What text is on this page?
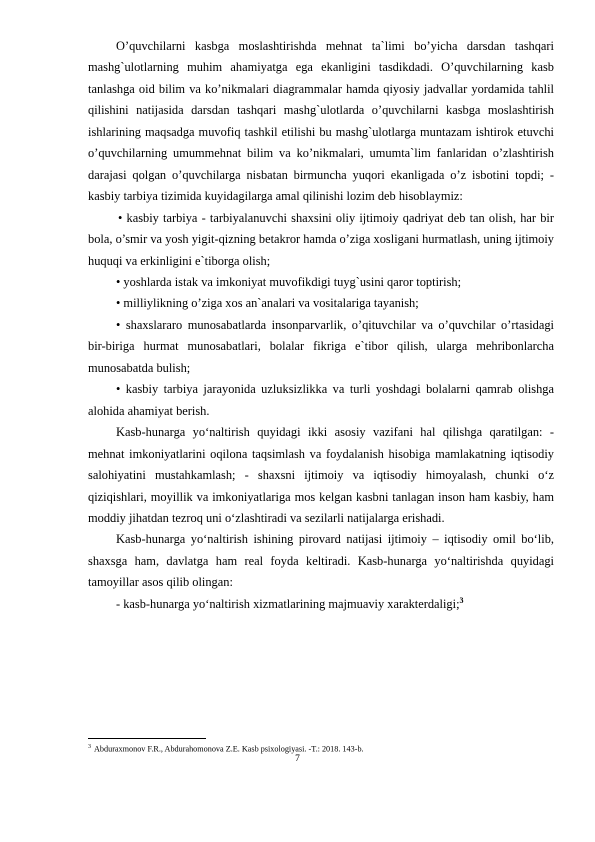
O’quvchilarni kasbga moslashtirishda mehnat ta`limi bo’yicha darsdan tashqari mashg`ulotlarning muhim ahamiyatga ega ekanligini tasdikdadi. O’quvchilarning kasb tanlashga oid bilim va ko’nikmalari diagrammalar hamda qiyosiy jadvallar yordamida tahlil qilishini natijasida darsdan tashqari mashg`ulotlarda o’quvchilarni kasbga moslashtirish ishlarining maqsadga muvofiq tashkil etilishi bu mashg`ulotlarga muntazam ishtirok etuvchi o’quvchilarning umummehnat bilim va ko’nikmalari, umumta`lim fanlaridan o’zlashtirish darajasi qolgan o’quvchilarga nisbatan birmuncha yuqori ekanligada o’z isbotini topdi; - kasbiy tarbiya tizimida kuyidagilarga amal qilinishi lozim deb hisoblaymiz:

• kasbiy tarbiya - tarbiyalanuvchi shaxsini oliy ijtimoiy qadriyat deb tan olish, har bir bola, o’smir va yosh yigit-qizning betakror hamda o’ziga xosligani hurmatlash, uning ijtimoiy huquqi va erkinligini e`tiborga olish;

• yoshlarda istak va imkoniyat muvofikdigi tuyg`usini qaror toptirish;

• milliylikning o’ziga xos an`analari va vositalariga tayanish;

• shaxslararo munosabatlarda insonparvarlik, o’qituvchilar va o’quvchilar o’rtasidagi bir-biriga hurmat munosabatlari, bolalar fikriga e`tibor qilish, ularga mehribonlarcha munosabatda bulish;

• kasbiy tarbiya jarayonida uzluksizlikka va turli yoshdagi bolalarni qamrab olishga alohida ahamiyat berish.

Kasb-hunarga yo‘naltirish quyidagi ikki asosiy vazifani hal qilishga qaratilgan: - mehnat imkoniyatlarini oqilona taqsimlash va foydalanish hisobiga mamlakatning iqtisodiy salohiyatini mustahkamlash; - shaxsni ijtimoiy va iqtisodiy himoyalash, chunki o‘z qiziqishlari, moyillik va imkoniyatlariga mos kelgan kasbni tanlagan inson ham kasbiy, ham moddiy jihatdan tezroq uni o‘zlashtiradi va sezilarli natijalarga erishadi.

Kasb-hunarga yo‘naltirish ishining pirovard natijasi ijtimoiy – iqtisodiy omil bo‘lib, shaxsga ham, davlatga ham real foyda keltiradi. Kasb-hunarga yo‘naltirishda quyidagi tamoyillar asos qilib olingan:

- kasb-hunarga yo‘naltirish xizmatlarining majmuaviy xarakterdaligi;$^3$

$^3$ Abduraxmonov F.R., Abdurahomonova Z.E. Kasb psixologiyasi. -T.: 2018. 143-b.
7
